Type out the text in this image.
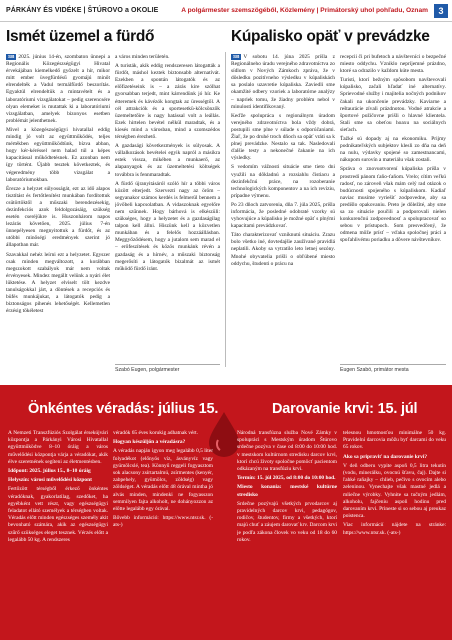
PÁRKÁNY ÉS VIDÉKE | ŠTÚROVO a OKOLIE	A polgármester szemszögéből, Közlemény | Primátorský uhol pohľadu, Oznam	3
Ismét üzemel a fürdő	Kúpalisko opäť v prevádzke

SB 2025. június 14-én, szombaton ünnepi a Regionális Közegészségügyi Hivatal érvekájában kiemelkedő győzelt a hír, mikor mitt ember üvegfürdésű gyomájú minőt elrendelték a Vadul termálfürdő beszorítás. Egyaktúl elrendeltük a mintavételt és a laboratóriumi vizsgálatokat – pedig szerencsére olyan elemeket is mutattak ki a laboratóriumi vizsgálatban, amelyek bizonyos esetben problémát jelenthetnek.

Mivel a közegészségügyi hivatallal eddig mindig jó volt az együttműködés, teljes mértékben együttműködtünk, bízva abban, hogy kér-kéréssel nem halad túl a képes kapacitással működtetésnek. Ez azonban nem így történt. Újabb tesztek következtek, és végeredmény több vizsgálat a laboratóriumokban.

Érezze a helyzet súlyosságát, ezt az idő alapos tisztítást és fertőtlenítést munkában fordítottuk csütörtöktől a műszaki berendezésekig, dezinfekciós azok feldolgozásáig, szükség esetén cseréjükre is. Huszonhárom napos lezárás követően, 2025. július 7-én ünnepélyesen megnyitottuk a fürdőt, és az utóbbi minőségi eredmények szerint jó állapotban már.

Szavakkal nehéz leírni ezt a helyzetet. Egyszer csak minden megváltozott, a korábban megszokott szabályok már nem voltak érvényesek. Mindez megállt velünk a nyári élet lüktetése. A helyzet elviselt tölt kezdve tanulságokkal járt, a döntések a recepciós és büfés munkájukat, a látogatók pedig a biztonságos pihenés lehetőségét. Kellemetlen érzésig tökéletest

a város minden területén.

A turisták, akik eddig rendszeresen látogatták a fürdőt, máshol keztek biztonsabb alternatívát. Ezekben a spontán látogatók és az előfizetéseink is – a zárás kire szólhat gyorsabban terjedt, mint kárrendünk jó hír. Ke étteremek és kávézók kongtak az ürességtől. A cél attrakciók és a sportesetkü-kölcsönzők üzemeltetőire is nagy hatással volt a leállás. Ezek hirtelen bevétel nélkül maradtak, és a kiesés mind a városban, mind a szomszédos térségben érezhető.

A gazdasági következmények is súlyosak. A vállalkozások bevételei egyik napról a másikra estek vissza, mikében a munkaerő, az alapanyagok és az üzemeltetési költségek továbbra is fennmaradtak.

A fürdő újranyitásáról szóló hír a többi város között elterjedt. Szervezti nagy az öröm – segyanakor számos kerdés is felmerül bennem a jövőbeli kapcsolatban. A vidaszoknak egyelőre nem szűnnek. Hogy bárhová is elkészüli: szükséges, hogy a helyzetet és a gazdaságilag talpon kell állni. Hiszünk kell a közvetlen munkában és a felelős hozzáállásban. Meggyőződésem, hogy a jutalom sem marad el – erőfeszítések és közös munkánk révén a gazdaság és a hírnév, a műszaki biztonság megerősíti a látogatók bizalmát az ismét működő fürdő iránt.

Szabó Eugen, polgármester

SB V sobotu 14. júna 2025 prišla z Regionálneho úradu verejného zdravotníctva zo sídlom v Nových Zámkoch zpráva, že v dôsledku pozitívneho výsledku v kúpaliskách sa poslalo uzavretie kúpaliska. Zaviedli sme okamžité odbery vzoriek a laboratórne analýzy – napriek tomu, že žiadny problém nebol v minulosti identifikovaný.

Keďže spolupráca s regionálnym úradom verejného zdravotníctva bola vždy dobrá, postupili sme plne v súlade s odporúčaniami. Žiaľ, že po druhé troch dňoch sa opäť vráti sa k plnej prevádzke. Nestalo sa tak. Nasledovali ďalšie testy a nekonečné čakanie na ich výsledky.

S vedomím vážnosti situácie sme tieto dni využili na dôkladnú a rozsiahlu čistiacu a dezinfekčnú práce, na rozoberanie technologických komponentov a na ich revíziu, prípadne výmenu.

Po 23 dňoch zatvorenia, dňa 7. júla 2025, prišla informácia, že posledné odobraté vzorky sú vyhovujúce a kúpalisko je možné opäť s plnými kapacitami prevádzkovať.

Táto charakterizovať vzniknutú situáciu. Zrazu bolo všetko iné, dovtedajšie zaužívané pravidlá neplatili. Akoby sa vytratilo leto letnej sezóny. Mnohé obyvatelia prišli o obľúbené miesto oddychu, študenti o prácu na

recepcii či pri bufetoch a návštevníci o bezpečné miesto oddychu. Vzniklo nepríjemné prázdno, ktoré sa odrazilo v každom kúte mesta.

Turisti, ktorí bežným spôsobom navštevovali kúpalisko, začali hľadať iné alternatívy. Sprievodné služby i majitelia nočných podnikov čakali na ukončenie prevádzky. Kaviarne a reštaurácie zívali prázdnotou. Vodné atrakcie a športové požičovne prišli o hlavné klientela. Stali sme sa obeťou hoaxu na sociálnych sieťach.

Ťažké sú dopady aj na ekonomiku. Prijmy podnikateľských subjektov klesli zo dňa na deň na nulu, výdavky spojené so zamestnancami, nákupom surovín a materiálu však zostali.

Správa o znovuotvorení kúpaliska prišla v prostredí pánom ťaňo-ťaňom. Vrelo; cítim veľkú radosť, no zároveň však mám celý rad otázok o budúcnosti spojeného s kúpaliskom. Kadiaľ naviac musíme vyriešiť zodpovedne, aby sa predišlo opakovaniu. Preto je dôležité, aby sme sa zo situácie poučili a podporovali nielen konkurenčnú zodpovednosť a spolupracovať so sebou v prístupoch. Som presvedčený, že odmena môže prísť – vďaka spoločnej práci a spoľahlivému poriadku a dôvere návštevníkov.

Eugen Szabó, primátor mesta
Önkéntes véradás: július 15.	Darovanie krvi: 15. júl

A Nemzeti Transzfúziós Szolgálat érsekújvári központja a Párkányi Városi Hivatallal együttműködve 8–10 óráig a város művelődési központja várja a véradókat, akik élve szeretnének segíteni az életmentésben.

Időpont: 2025. július 15., 8–10 óráig

Helyszín: városi művelődési központ

Fertőzött térségből érkező önkéntes véradóknak, gyakorlatilag, szedőket, ha egyébként vett részt, vagy egészségügyi feladatot ellátó személyek a térségben voltak. Véradás előtt minden egészséges személy akit bevonható számára, akik az egészségügyi szűrő szükséges eleget tesznek. Vérzés előtt a legalább 50 kg. A rendszeres

véradók 65 éves korukig adhatnak vért.

Hogyan készüljön a véradásra?

A véradás napján igyon meg legalább 0,5 liter folyadékot (előnyös víz, ásványvíz vagy gyümölcslé, tea). Könnyű reggeli fogyasztom sok alacsony zsírtartalmú, zsírmentes (kenyér, zabpehely, gyümölcs, zöldség) vagy zöldséget. A véradás előtt 48 órával mintha jó alvás minden, mindenki ne fogyasszon semmilyen fajta alkoholt, ne dohányozzon az előtte legalább egy órával.

Bővebb információ: https://www.ntsr.sk. (-ats-)

Národná transfúzna služba Nové Zámky v spolupráci s Mestským úradom Štúrovo srdečne pozýva v čase od 8:00 do 10:00 hod. v mestskom kultúrnom stredisku darcov krvi, ktorí chcú životy spoločne pomôcť pacientom odkázaným na transfúziu krvi.

Termín: 15. júl 2025, od 8:00 do 10:00 hod.

Miesto konania: mestské kultúrne stredisko

Srdečne pozývajú všetkých prvodarcov aj pravidelných darcov krvi, pedagógov, rodičov, študentov, firmy a všetkých, ktorí majú chuť a záujem darovať krv. Darcom krvi je podľa zákona človek vo veku od 18 do 60 rokov.

telesnou hmotnosťou minimálne 50 kg. Pravidelní darcovia môžu byť darcami do veku 65 rokov.

Ako sa pripraviť na darovanie krvi?

V deň odberu vypite aspoň 0,5 litra tekutín (vodu, minerálku, ovocnú šťavu, čaj). Dajte si ľahké raňajky – chlieb, pečivo s ovocím alebo zeleninou. Vynechajte však mastné jedlá a mliečne výrobky. Vyhnite sa tučným jedlám, alkoholu, fajčeniu aspoň hodinu pred darovaním krvi. Prineste si so sebou aj preukaz poistenca.

Viac informácií nájdete na stránke: https://www.ntsr.sk. (-ats-)
